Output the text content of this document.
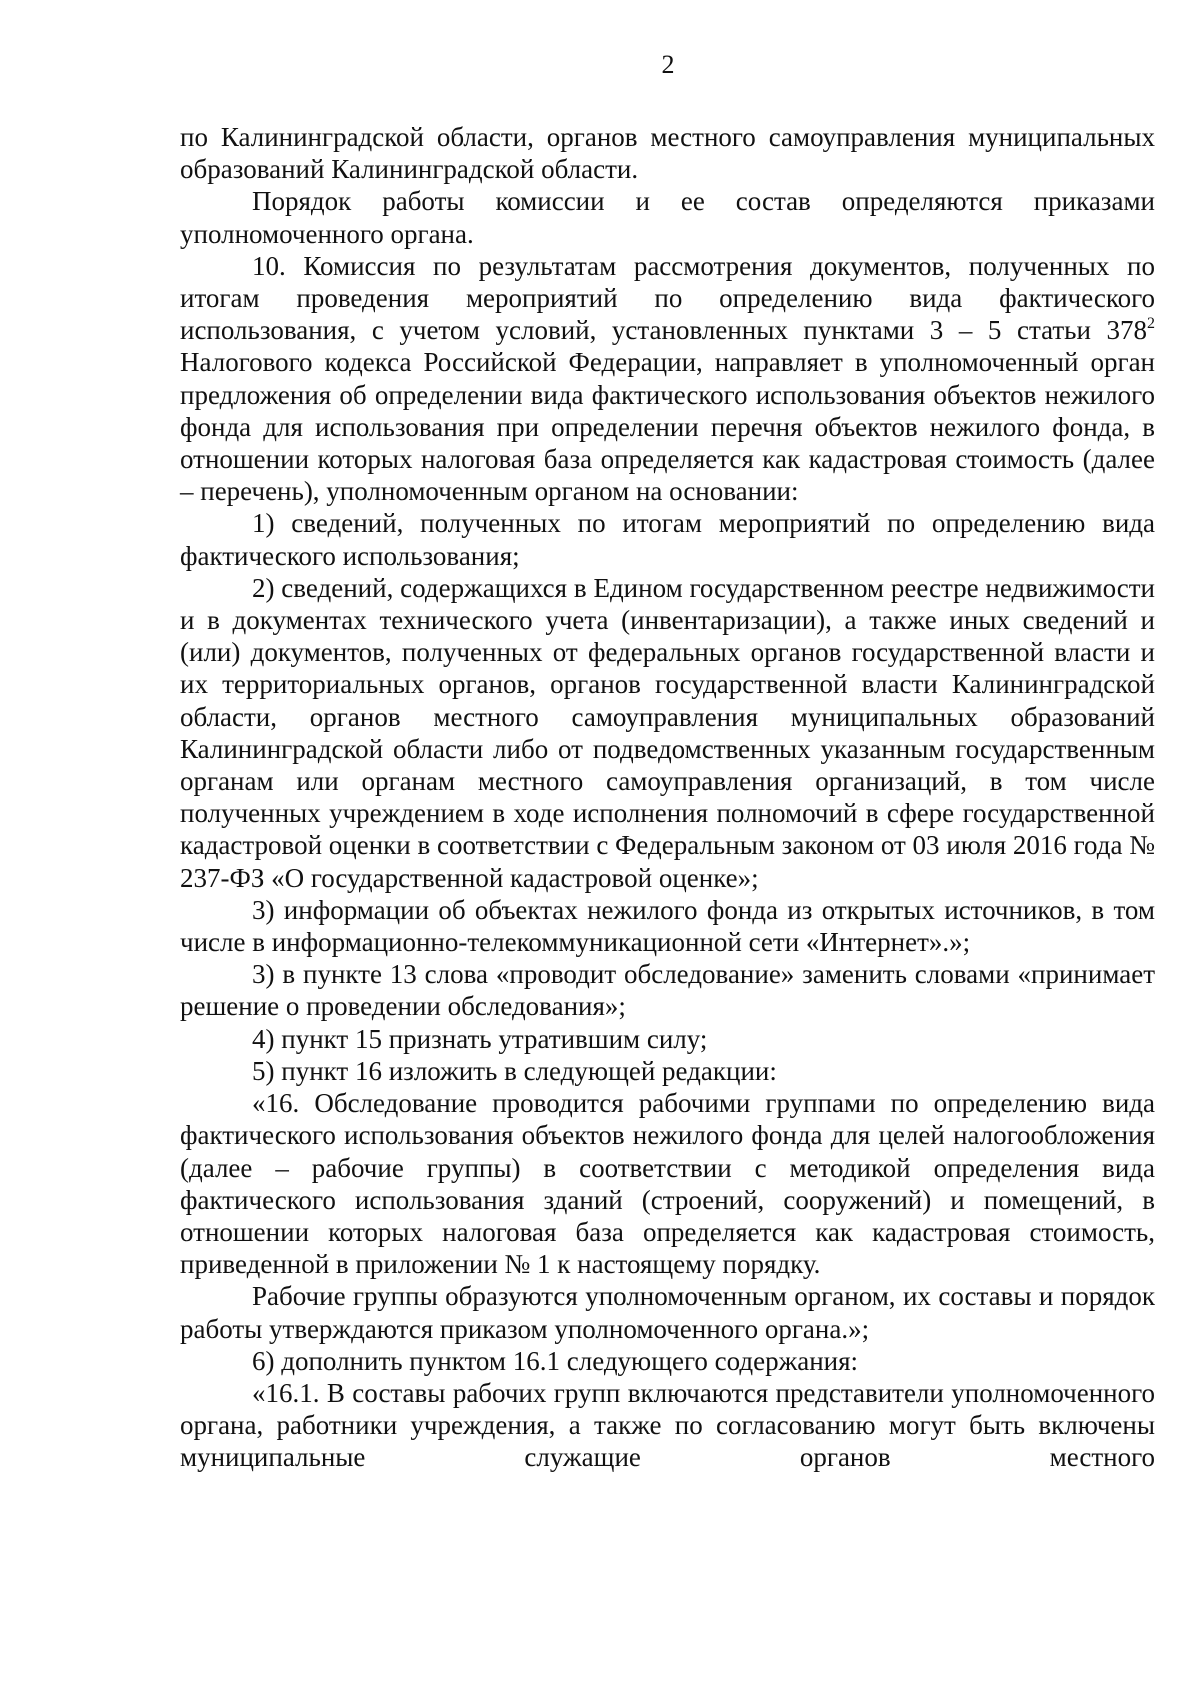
2

по Калининградской области, органов местного самоуправления муниципальных образований Калининградской области.

Порядок работы комиссии и ее состав определяются приказами уполномоченного органа.

10. Комиссия по результатам рассмотрения документов, полученных по итогам проведения мероприятий по определению вида фактического использования, с учетом условий, установленных пунктами 3 – 5 статьи $378^2$ Налогового кодекса Российской Федерации, направляет в уполномоченный орган предложения об определении вида фактического использования объектов нежилого фонда для использования при определении перечня объектов нежилого фонда, в отношении которых налоговая база определяется как кадастровая стоимость (далее – перечень), уполномоченным органом на основании:

1) сведений, полученных по итогам мероприятий по определению вида фактического использования;

2) сведений, содержащихся в Едином государственном реестре недвижимости и в документах технического учета (инвентаризации), а также иных сведений и (или) документов, полученных от федеральных органов государственной власти и их территориальных органов, органов государственной власти Калининградской области, органов местного самоуправления муниципальных образований Калининградской области либо от подведомственных указанным государственным органам или органам местного самоуправления организаций, в том числе полученных учреждением в ходе исполнения полномочий в сфере государственной кадастровой оценки в соответствии с Федеральным законом от 03 июля 2016 года № 237-ФЗ «О государственной кадастровой оценке»;

3) информации об объектах нежилого фонда из открытых источников, в том числе в информационно-телекоммуникационной сети «Интернет».»;

3) в пункте 13 слова «проводит обследование» заменить словами «принимает решение о проведении обследования»;

4) пункт 15 признать утратившим силу;

5) пункт 16 изложить в следующей редакции:

«16. Обследование проводится рабочими группами по определению вида фактического использования объектов нежилого фонда для целей налогообложения (далее – рабочие группы) в соответствии с методикой определения вида фактического использования зданий (строений, сооружений) и помещений, в отношении которых налоговая база определяется как кадастровая стоимость, приведенной в приложении № 1 к настоящему порядку.

Рабочие группы образуются уполномоченным органом, их составы и порядок работы утверждаются приказом уполномоченного органа.»;

6) дополнить пунктом 16.1 следующего содержания:

«16.1. В составы рабочих групп включаются представители уполномоченного органа, работники учреждения, а также по согласованию могут быть включены муниципальные служащие органов местного
